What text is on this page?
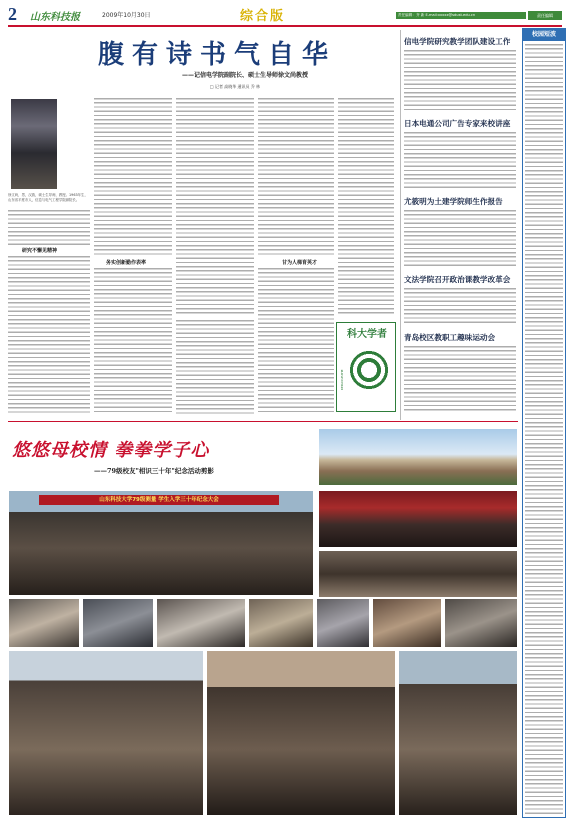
2 山东科技报	2009年10月30日	综合版	责任编辑：齐 新 E-mail:xxxxx@sdust.edu.cn	责任编辑
腹有诗书气自华
——记信电学院副院长、硕士生导师徐文尚教授
□ 记者 高晓华 通讯员 乔 林
徐文尚，男，汉族，硕士生导师，教授。1963年生，山东省平度市人，信息与电气工程学院副院长。
研究不懈见精神
务实创新勤作表率	甘为人梯育英才
科大学者
KEDAXUEZHE
信电学院研究教学团队建设工作
日本电通公司广告专家来校讲座
尤筱明为土建学院师生作报告
文法学院召开政治课教学改革会
青岛校区教职工趣味运动会
校园短波
悠悠母校情 拳拳学子心
——79级校友"相识三十年"纪念活动剪影
山东科技大学79级测量 学生入学三十年纪念大会
